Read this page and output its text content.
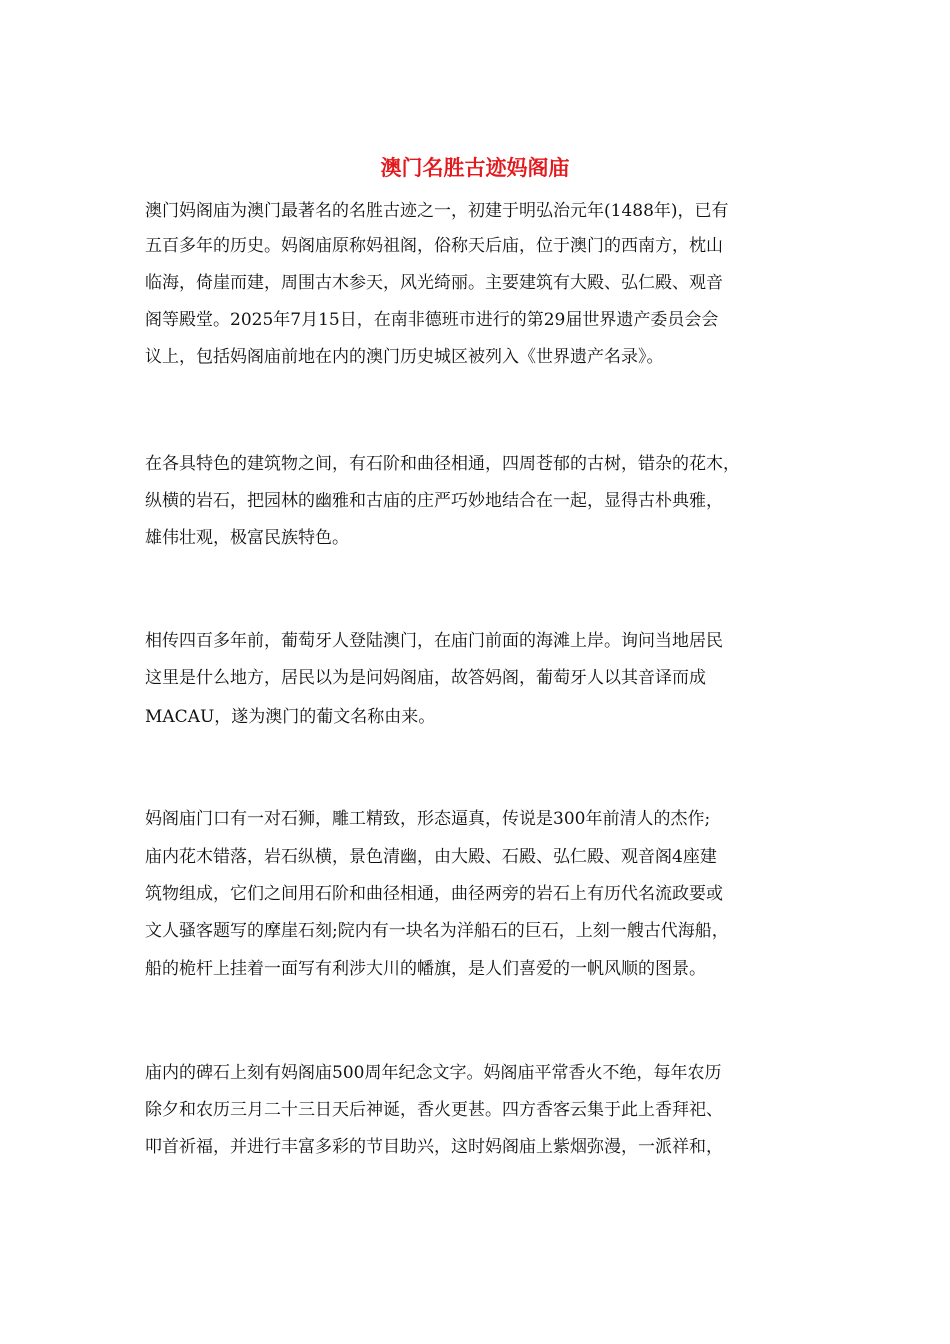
澳门名胜古迹妈阁庙
澳门妈阁庙为澳门最著名的名胜古迹之一，初建于明弘治元年(1488年)，已有
五百多年的历史。妈阁庙原称妈祖阁，俗称天后庙，位于澳门的西南方，枕山
临海，倚崖而建，周围古木参天，风光绮丽。主要建筑有大殿、弘仁殿、观音
阁等殿堂。2025年7月15日，在南非德班市进行的第29届世界遗产委员会会
议上，包括妈阁庙前地在内的澳门历史城区被列入《世界遗产名录》。
在各具特色的建筑物之间，有石阶和曲径相通，四周苍郁的古树，错杂的花木，
纵横的岩石，把园林的幽雅和古庙的庄严巧妙地结合在一起，显得古朴典雅，
雄伟壮观，极富民族特色。
相传四百多年前，葡萄牙人登陆澳门，在庙门前面的海滩上岸。询问当地居民
这里是什么地方，居民以为是问妈阁庙，故答妈阁，葡萄牙人以其音译而成
MACAU，遂为澳门的葡文名称由来。
妈阁庙门口有一对石狮，雕工精致，形态逼真，传说是300年前清人的杰作;
庙内花木错落，岩石纵横，景色清幽，由大殿、石殿、弘仁殿、观音阁4座建
筑物组成，它们之间用石阶和曲径相通，曲径两旁的岩石上有历代名流政要或
文人骚客题写的摩崖石刻;院内有一块名为洋船石的巨石，上刻一艘古代海船，
船的桅杆上挂着一面写有利涉大川的幡旗，是人们喜爱的一帆风顺的图景。
庙内的碑石上刻有妈阁庙500周年纪念文字。妈阁庙平常香火不绝，每年农历
除夕和农历三月二十三日天后神诞，香火更甚。四方香客云集于此上香拜祀、
叩首祈福，并进行丰富多彩的节目助兴，这时妈阁庙上紫烟弥漫，一派祥和，
